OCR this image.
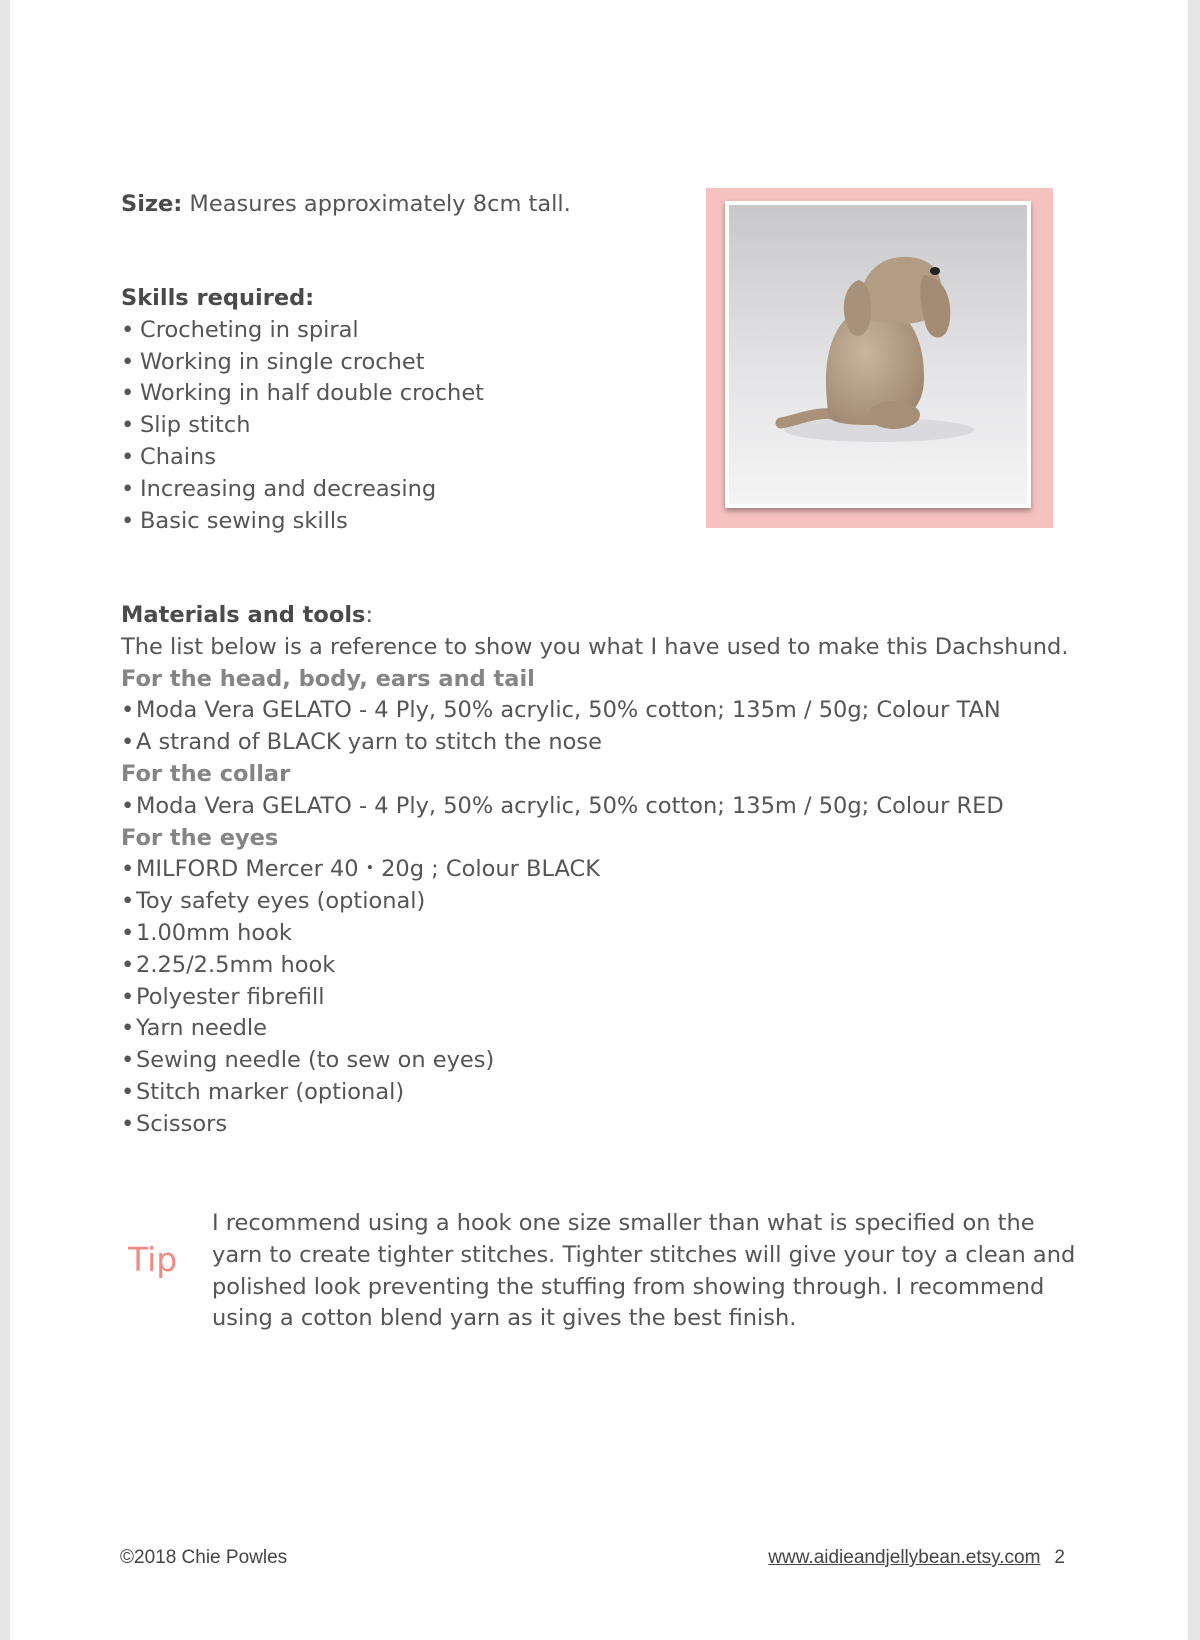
Size: Measures approximately 8cm tall.
Skills required:
• Crocheting in spiral
• Working in single crochet
• Working in half double crochet
• Slip stitch
• Chains
• Increasing and decreasing
• Basic sewing skills
Materials and tools:
The list below is a reference to show you what I have used to make this Dachshund.
For the head, body, ears and tail
• Moda Vera GELATO - 4 Ply, 50% acrylic, 50% cotton; 135m / 50g; Colour TAN
• A strand of BLACK yarn to stitch the nose
For the collar
• Moda Vera GELATO - 4 Ply, 50% acrylic, 50% cotton; 135m / 50g; Colour RED
For the eyes
• MILFORD Mercer 40・20g ; Colour BLACK
• Toy safety eyes (optional)
• 1.00mm hook
• 2.25/2.5mm hook
• Polyester fibrefill
• Yarn needle
• Sewing needle (to sew on eyes)
• Stitch marker (optional)
• Scissors
Tip
I recommend using a hook one size smaller than what is specified on the
yarn to create tighter stitches. Tighter stitches will give your toy a clean and
polished look preventing the stuffing from showing through. I recommend
using a cotton blend yarn as it gives the best finish.
©2018 Chie Powles	www.aidieandjellybean.etsy.com 2
